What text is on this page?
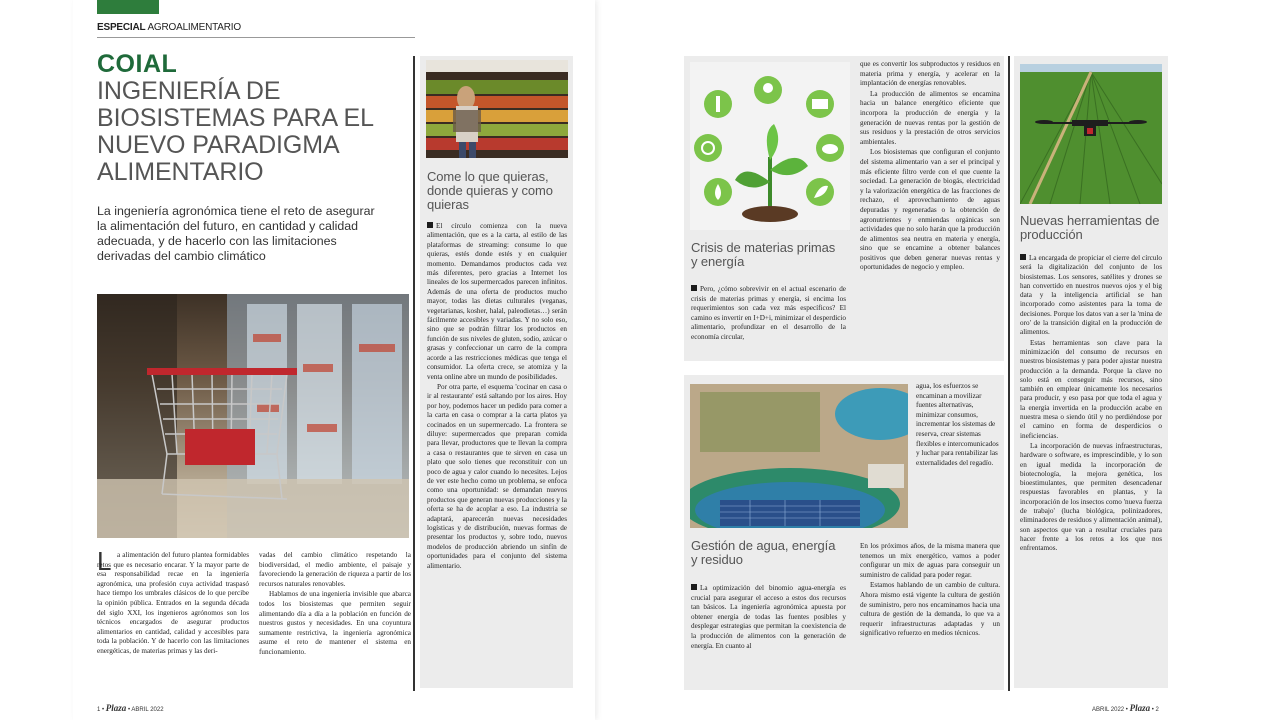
ESPECIAL AGROALIMENTARIO
COIAL
INGENIERÍA DE BIOSISTEMAS PARA EL NUEVO PARADIGMA ALIMENTARIO
La ingeniería agronómica tiene el reto de asegurar la alimentación del futuro, en cantidad y calidad adecuada, y de hacerlo con las limitaciones derivadas del cambio climático
L a alimentación del futuro plantea formidables retos que es necesario encarar. Y la mayor parte de esa responsabilidad recae en la ingeniería agronómica, una profesión cuya actividad traspasó hace tiempo los umbrales clásicos de lo que percibe la opinión pública. Entrados en la segunda década del siglo XXI, los ingenieros agrónomos son los técnicos encargados de asegurar productos alimentarios en cantidad, calidad y accesibles para toda la población. Y de hacerlo con las limitaciones energéticas, de materias primas y las deri-

vadas del cambio climático respetando la biodiversidad, el medio ambiente, el paisaje y favoreciendo la generación de riqueza a partir de los recursos naturales renovables.

Hablamos de una ingeniería invisible que abarca todos los biosistemas que permiten seguir alimentando día a día a la población en función de nuestros gustos y necesidades. En una coyuntura sumamente restrictiva, la ingeniería agronómica asume el reto de mantener el sistema en funcionamiento.

Come lo que quieras, donde quieras y como quieras

El círculo comienza con la nueva alimentación, que es a la carta, al estilo de las plataformas de streaming: consume lo que quieras, estés donde estés y en cualquier momento. Demandamos productos cada vez más diferentes, pero gracias a Internet los lineales de los supermercados parecen infinitos. Además de una oferta de productos mucho mayor, todas las dietas culturales (veganas, vegetarianas, kosher, halal, paleodietas…) serán fácilmente accesibles y variadas. Y no solo eso, sino que se podrán filtrar los productos en función de sus niveles de gluten, sodio, azúcar o grasas y confeccionar un carro de la compra acorde a las restricciones médicas que tenga el consumidor. La oferta crece, se atomiza y la venta online abre un mundo de posibilidades.

Por otra parte, el esquema 'cocinar en casa o ir al restaurante' está saltando por los aires. Hoy por hoy, podemos hacer un pedido para comer a la carta en casa o comprar a la carta platos ya cocinados en un supermercado. La frontera se diluye: supermercados que preparan comida para llevar, productores que te llevan la compra a casa o restaurantes que te sirven en casa un plato que solo tienes que reconstituir con un poco de agua y calor cuando lo necesites. Lejos de ver este hecho como un problema, se enfoca como una oportunidad: se demandan nuevos productos que generan nuevas producciones y la oferta se ha de acoplar a eso. La industria se adaptará, aparecerán nuevas necesidades logísticas y de distribución, nuevas formas de presentar los productos y, sobre todo, nuevos modelos de producción abriendo un sinfín de oportunidades para el conjunto del sistema alimentario.

1 • Plaza • ABRIL 2022
Crisis de materias primas y energía

Pero, ¿cómo sobrevivir en el actual escenario de crisis de materias primas y energía, si encima los requerimientos son cada vez más específicos? El camino es invertir en I+D+i, minimizar el desperdicio alimentario, profundizar en el desarrollo de la economía circular,

que es convertir los subproductos y residuos en materia prima y energía, y acelerar en la implantación de energías renovables.

La producción de alimentos se encamina hacia un balance energético eficiente que incorpora la producción de energía y la generación de nuevas rentas por la gestión de sus residuos y la prestación de otros servicios ambientales.

Los biosistemas que configuran el conjunto del sistema alimentario van a ser el principal y más eficiente filtro verde con el que cuente la sociedad. La generación de biogás, electricidad y la valorización energética de las fracciones de rechazo, el aprovechamiento de aguas depuradas y regeneradas o la obtención de agronutrientes y enmiendas orgánicas son actividades que no solo harán que la producción de alimentos sea neutra en materia y energía, sino que se encamine a obtener balances positivos que deben generar nuevas rentas y oportunidades de negocio y empleo.

Gestión de agua, energía y residuo

La optimización del binomio agua-energía es crucial para asegurar el acceso a estos dos recursos tan básicos. La ingeniería agronómica apuesta por obtener energía de todas las fuentes posibles y desplegar estrategias que permitan la coexistencia de la producción de alimentos con la generación de energía. En cuanto al

agua, los esfuerzos se encaminan a movilizar fuentes alternativas, minimizar consumos, incrementar los sistemas de reserva, crear sistemas flexibles e intercomunicados y luchar para rentabilizar las externalidades del regadío.

En los próximos años, de la misma manera que tenemos un mix energético, vamos a poder configurar un mix de aguas para conseguir un suministro de calidad para poder regar.

Estamos hablando de un cambio de cultura. Ahora mismo está vigente la cultura de gestión de suministro, pero nos encaminamos hacia una cultura de gestión de la demanda, lo que va a requerir infraestructuras adaptadas y un significativo refuerzo en medios técnicos.

Nuevas herramientas de producción

La encargada de propiciar el cierre del círculo será la digitalización del conjunto de los biosistemas. Los sensores, satélites y drones se han convertido en nuestros nuevos ojos y el big data y la inteligencia artificial se han incorporado como asistentes para la toma de decisiones. Porque los datos van a ser la 'mina de oro' de la transición digital en la producción de alimentos.

Estas herramientas son clave para la minimización del consumo de recursos en nuestros biosistemas y para poder ajustar nuestra producción a la demanda. Porque la clave no solo está en conseguir más recursos, sino también en emplear únicamente los necesarios para producir, y eso pasa por que toda el agua y la energía invertida en la producción acabe en nuestra mesa o siendo útil y no perdiéndose por el camino en forma de desperdicios o ineficiencias.

La incorporación de nuevas infraestructuras, hardware o software, es imprescindible, y lo son en igual medida la incorporación de biotecnología, la mejora genética, los bioestimulantes, que permiten desencadenar respuestas favorables en plantas, y la incorporación de los insectos como 'nueva fuerza de trabajo' (lucha biológica, polinizadores, eliminadores de residuos y alimentación animal), son aspectos que van a resultar cruciales para hacer frente a los retos a los que nos enfrentamos.

ABRIL 2022 • Plaza • 2
